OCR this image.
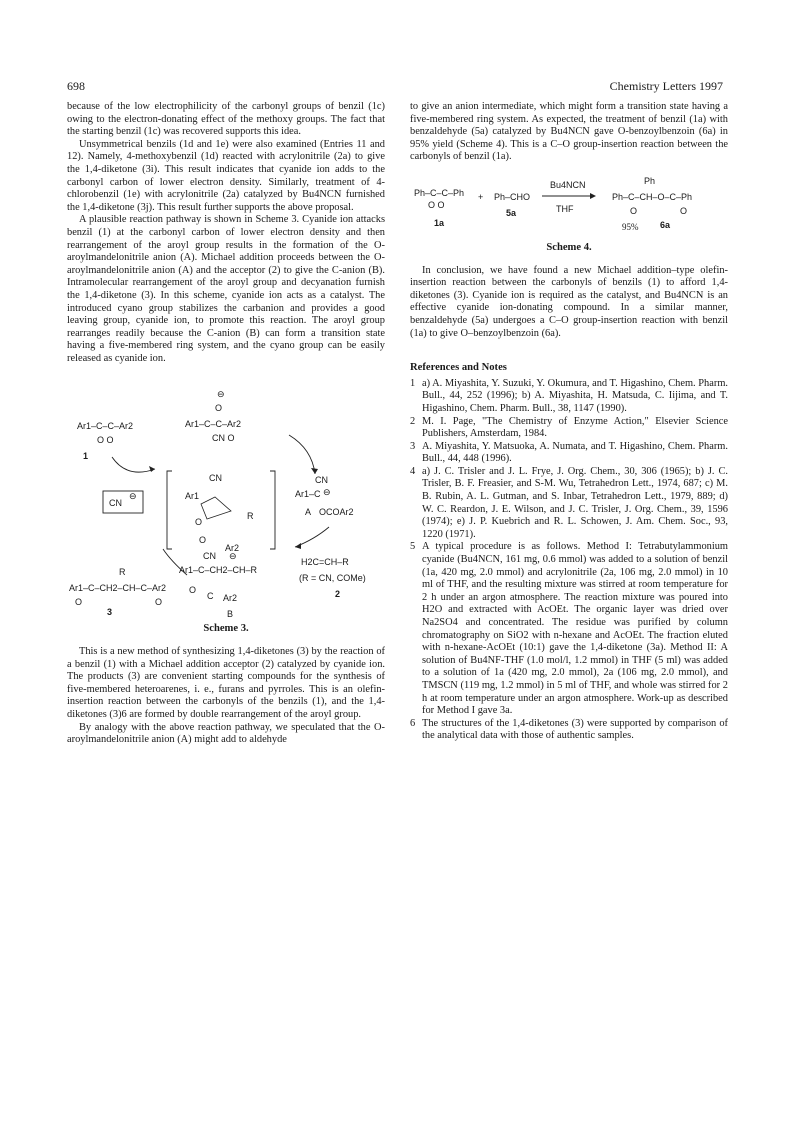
698	Chemistry Letters 1997

because of the low electrophilicity of the carbonyl groups of benzil (1c) owing to the electron-donating effect of the methoxy groups. The fact that the starting benzil (1c) was recovered supports this idea.

Unsymmetrical benzils (1d and 1e) were also examined (Entries 11 and 12). Namely, 4-methoxybenzil (1d) reacted with acrylonitrile (2a) to give the 1,4-diketone (3i). This result indicates that cyanide ion adds to the carbonyl carbon of lower electron density. Similarly, treatment of 4-chlorobenzil (1e) with acrylonitrile (2a) catalyzed by Bu4NCN furnished the 1,4-diketone (3j). This result further supports the above proposal.

A plausible reaction pathway is shown in Scheme 3. Cyanide ion attacks benzil (1) at the carbonyl carbon of lower electron density and then rearrangement of the aroyl group results in the formation of the O-aroylmandelonitrile anion (A). Michael addition proceeds between the O-aroylmandelonitrile anion (A) and the acceptor (2) to give the C-anion (B). Intramolecular rearrangement of the aroyl group and decyanation furnish the 1,4-diketone (3). In this scheme, cyanide ion acts as a catalyst. The introduced cyano group stabilizes the carbanion and provides a good leaving group, cyanide ion, to promote this reaction. The aroyl group rearranges readily because the C-anion (B) can form a transition state having a five-membered ring system, and the cyano group can be easily released as cyanide ion.

Ar1–C–C–Ar2
O O
1
⊖
O
Ar1–C–C–Ar2
CN O
CN
⊖
CN
Ar1
O
R
O
Ar2
CN
Ar1–C ⊖
A OCOAr2
H2C=CH–R
(R = CN, COMe)
2
CN ⊖
Ar1–C–CH2–CH–R
O
C Ar2
B
R
Ar1–C–CH2–CH–C–Ar2
O	O
3
Scheme 3.

This is a new method of synthesizing 1,4-diketones (3) by the reaction of a benzil (1) with a Michael addition acceptor (2) catalyzed by cyanide ion. The products (3) are convenient starting compounds for the synthesis of five-membered heteroarenes, i. e., furans and pyrroles. This is an olefin-insertion reaction between the carbonyls of the benzils (1), and the 1,4-diketones (3)6 are formed by double rearrangement of the aroyl group.

By analogy with the above reaction pathway, we speculated that the O-aroylmandelonitrile anion (A) might add to aldehyde

to give an anion intermediate, which might form a transition state having a five-membered ring system. As expected, the treatment of benzil (1a) with benzaldehyde (5a) catalyzed by Bu4NCN gave O-benzoylbenzoin (6a) in 95% yield (Scheme 4). This is a C–O group-insertion reaction between the carbonyls of benzil (1a).

Ph–C–C–Ph
O O
1a
+ Ph–CHO
5a
Bu4NCN
THF
Ph
Ph–C–CH–O–C–Ph
O	O
95% 6a
Scheme 4.

In conclusion, we have found a new Michael addition–type olefin-insertion reaction between the carbonyls of benzils (1) to afford 1,4-diketones (3). Cyanide ion is required as the catalyst, and Bu4NCN is an effective cyanide ion-donating compound. In a similar manner, benzaldehyde (5a) undergoes a C–O group-insertion reaction with benzil (1a) to give O–benzoylbenzoin (6a).

References and Notes
1 a) A. Miyashita, Y. Suzuki, Y. Okumura, and T. Higashino, Chem. Pharm. Bull., 44, 252 (1996); b) A. Miyashita, H. Matsuda, C. Iijima, and T. Higashino, Chem. Pharm. Bull., 38, 1147 (1990).
2 M. I. Page, "The Chemistry of Enzyme Action," Elsevier Science Publishers, Amsterdam, 1984.
3 A. Miyashita, Y. Matsuoka, A. Numata, and T. Higashino, Chem. Pharm. Bull., 44, 448 (1996).
4 a) J. C. Trisler and J. L. Frye, J. Org. Chem., 30, 306 (1965); b) J. C. Trisler, B. F. Freasier, and S-M. Wu, Tetrahedron Lett., 1974, 687; c) M. B. Rubin, A. L. Gutman, and S. Inbar, Tetrahedron Lett., 1979, 889; d) W. C. Reardon, J. E. Wilson, and J. C. Trisler, J. Org. Chem., 39, 1596 (1974); e) J. P. Kuebrich and R. L. Schowen, J. Am. Chem. Soc., 93, 1220 (1971).
5 A typical procedure is as follows. Method I: Tetrabutylammonium cyanide (Bu4NCN, 161 mg, 0.6 mmol) was added to a solution of benzil (1a, 420 mg, 2.0 mmol) and acrylonitrile (2a, 106 mg, 2.0 mmol) in 10 ml of THF, and the resulting mixture was stirred at room temperature for 2 h under an argon atmosphere. The reaction mixture was poured into H2O and extracted with AcOEt. The organic layer was dried over Na2SO4 and concentrated. The residue was purified by column chromatography on SiO2 with n-hexane and AcOEt. The fraction eluted with n-hexane-AcOEt (10:1) gave the 1,4-diketone (3a). Method II: A solution of Bu4NF-THF (1.0 mol/l, 1.2 mmol) in THF (5 ml) was added to a solution of 1a (420 mg, 2.0 mmol), 2a (106 mg, 2.0 mmol), and TMSCN (119 mg, 1.2 mmol) in 5 ml of THF, and whole was stirred for 2 h at room temperature under an argon atmosphere. Work-up as described for Method I gave 3a.
6 The structures of the 1,4-diketones (3) were supported by comparison of the analytical data with those of authentic samples.
